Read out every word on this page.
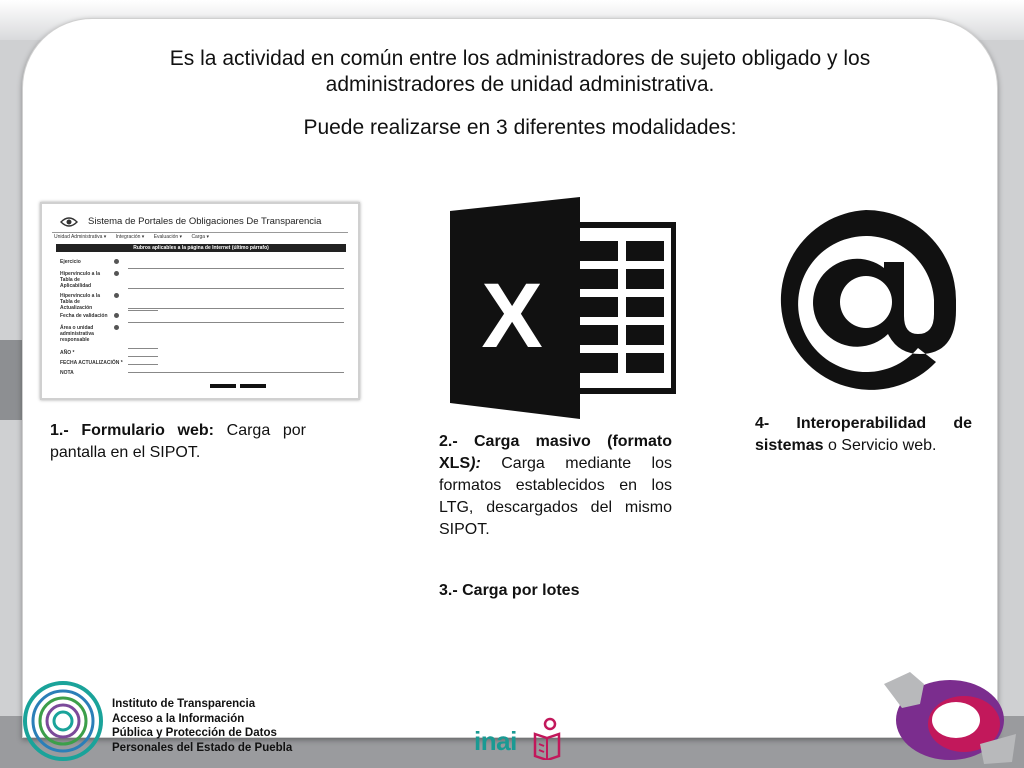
Es la actividad en común entre los administradores de sujeto obligado y los
administradores de unidad administrativa.
Puede realizarse en 3 diferentes modalidades:
Sistema de Portales de Obligaciones De Transparencia
Unidad Administrativa ▾ Integración ▾ Evaluación ▾ Carga ▾
Rubros aplicables a la página de Internet (último párrafo)
Ejercicio
Hipervínculo a la Tabla de Aplicabilidad
Hipervínculo a la Tabla de Actualización
Fecha de validación
Área o unidad administrativa responsable
AÑO *
FECHA ACTUALIZACIÓN *
NOTA
X
1.- Formulario web: Carga por pantalla en el SIPOT.
2.- Carga masivo (formato XLS): Carga mediante los formatos establecidos en los LTG, descargados del mismo SIPOT.
3.- Carga por lotes
4- Interoperabilidad de sistemas o Servicio web.
Instituto de Transparencia
Acceso a la Información
Pública y Protección de Datos
Personales del Estado de Puebla	inai
